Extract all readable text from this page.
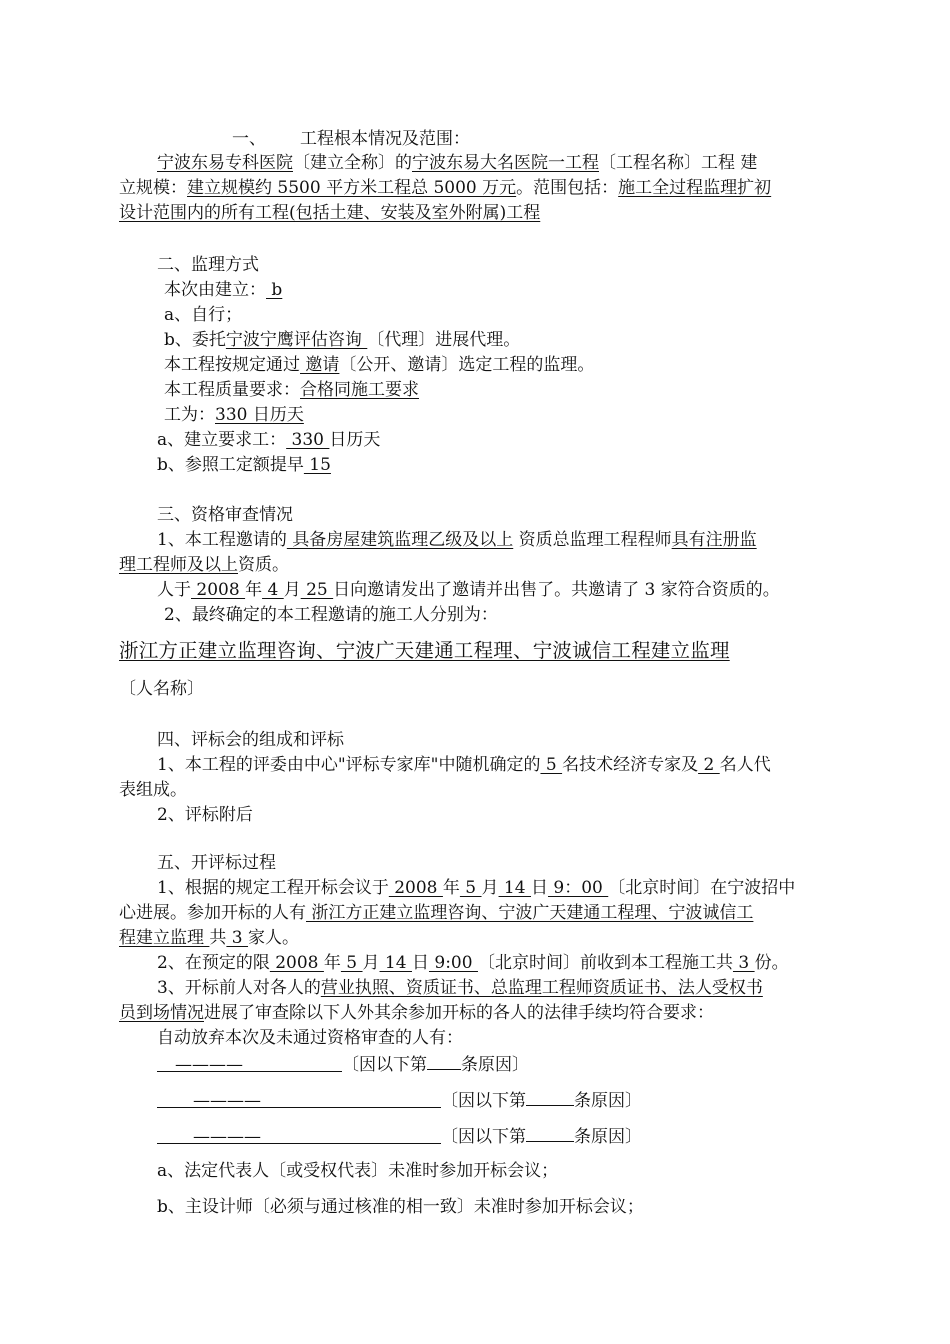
一、 工程根本情况及范围：
宁波东易专科医院〔建立全称〕的宁波东易大名医院一工程〔工程名称〕工程 建
立规模：建立规模约 5500 平方米工程总 5000 万元。范围包括：施工全过程监理扩初
设计范围内的所有工程(包括土建、安装及室外附属)工程
二、监理方式
本次由建立： b
a、自行；
b、委托宁波宁鹰评估咨询 〔代理〕进展代理。
本工程按规定通过 邀请〔公开、邀请〕选定工程的监理。
本工程质量要求：合格同施工要求
工为：330 日历天
a、建立要求工： 330 日历天
b、参照工定额提早 15
三、资格审查情况
1、本工程邀请的 具备房屋建筑监理乙级及以上 资质总监理工程程师具有注册监
理工程师及以上资质。
人于 2008 年 4 月 25 日向邀请发出了邀请并出售了。共邀请了 3 家符合资质的。
2、最终确定的本工程邀请的施工人分别为：
浙江方正建立监理咨询、宁波广天建通工程理、宁波诚信工程建立监理
〔人名称〕
四、评标会的组成和评标
1、本工程的评委由中心"评标专家库"中随机确定的 5 名技术经济专家及 2 名人代
表组成。
2、评标附后
五、开评标过程
1、根据的规定工程开标会议于 2008 年 5 月 14 日 9：00 〔北京时间〕在宁波招中
心进展。参加开标的人有 浙江方正建立监理咨询、宁波广天建通工程理、宁波诚信工
程建立监理 共 3 家人。
2、在预定的限 2008 年 5 月 14 日 9:00 〔北京时间〕前收到本工程施工共 3 份。
3、开标前人对各人的营业执照、资质证书、总监理工程师资质证书、法人受权书
员到场情况进展了审查除以下人外其余参加开标的各人的法律手续均符合要求：
自动放弃本次及未通过资格审查的人有：
————	〔因以下第 条原因〕
————	〔因以下第	条原因〕
————	〔因以下第	条原因〕
a、法定代表人〔或受权代表〕未准时参加开标会议；
b、主设计师〔必须与通过核准的相一致〕未准时参加开标会议；
